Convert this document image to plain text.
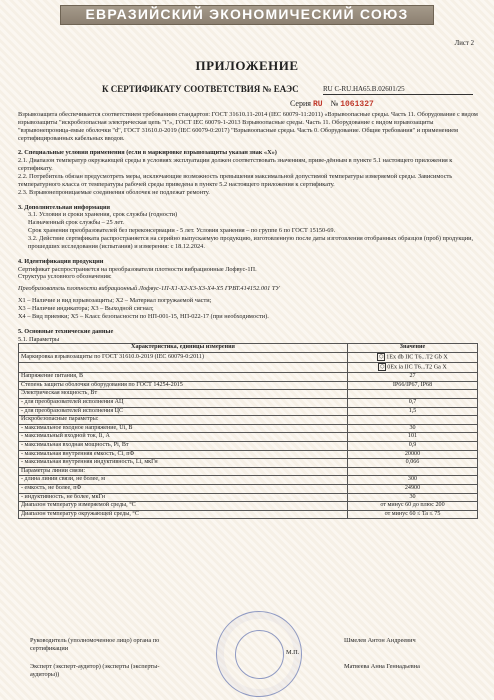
ЕВРАЗИЙСКИЙ ЭКОНОМИЧЕСКИЙ СОЮЗ
Лист 2
ПРИЛОЖЕНИЕ
К СЕРТИФИКАТУ СООТВЕТСТВИЯ № ЕАЭС	RU C-RU.HA65.B.02601/25
Серия RU № 1061327

Взрывозащита обеспечивается соответствием требованиям стандартов: ГОСТ 31610.11-2014 (IEC 60079-11:2011) «Взрывоопасные среды. Часть 11. Оборудование с видом взрывозащиты "искробезопасная электрическая цепь "i"», ГОСТ IEC 60079-1-2013 Взрывоопасные среды. Часть 11. Оборудование с видом взрывозащиты "взрывонепроница-емые оболочки "d", ГОСТ 31610.0-2019 (IEC 60079-0:2017) "Взрывоопасные среды. Часть 0. Оборудование. Общие требования" и применением сертифицированных кабельных вводов.

2. Специальные условия применения (если в маркировке взрывозащиты указан знак «Х»)

2.1. Диапазон температур окружающей среды в условиях эксплуатации должен соответствовать значениям, приве-дённым в пункте 5.1 настоящего приложения к сертификату.

2.2. Потребитель обязан предусмотреть меры, исключающие возможность превышения максимальной допустимой температуры измеряемой среды. Зависимость температурного класса от температуры рабочей среды приведена в пункте 5.2 настоящего приложения к сертификату.

2.3. Взрывонепроницаемые соединения оболочек не подлежат ремонту.

3. Дополнительная информация

3.1. Условия и сроки хранения, срок службы (годности)

Назначенный срок службы – 25 лет.

Срок хранения преобразователей без переконсервации - 5 лет. Условия хранения – по группе 6 по ГОСТ 15150-69.

3.2. Действие сертификата распространяется на серийно выпускаемую продукцию, изготовленную после даты изготовления отобранных образцов (проб) продукции, прошедших исследования (испытания) и измерения: с 18.12.2024.

4. Идентификация продукции

Сертификат распространяется на преобразователи плотности вибрационные Лофвус-1П.

Структура условного обозначения:

Преобразователь плотности вибрационный Лофвус-1П-Х1-Х2-Х3-Х3-Х4-Х5 ГРВТ.414152.001 ТУ

X1 – Наличие и вид взрывозащиты; X2 – Материал погружаемой части;

X3 – Наличие индикатора; X3 – Выходной сигнал;

X4 – Вид приемки; X5 – Класс безопасности по НП-001-15, НП-022-17 (при необходимости).

5. Основные технические данные

5.1. Параметры

Характеристика, единицы измерения	Значение
Маркировка взрывозащиты по ГОСТ 31610.0-2019 (IEC 60079-0:2011)	⬡ 1Ex db IIC T6...T2 Gb X
	⬡ 0Ex ia IIC T6...T2 Ga X
Напряжение питания, В	27
Степень защиты оболочки оборудования по ГОСТ 14254-2015	IP66/IP67, IP68
Электрическая мощность, Вт	
- для преобразователей исполнения АЦ	0,7
- для преобразователей исполнения ЦС	1,5
Искробезопасные параметры:	
- максимальное входное напряжение, Ui, В	30
- максимальный входной ток, Ii, А	101
- максимальная входная мощность, Pi, Вт	0,9
- максимальная внутренняя емкость, Ci, пФ	20000
- максимальная внутренняя индуктивность, Li, мкГн	0,066
Параметры линии связи:	
- длина линии связи, не более, м	300
- емкость, не более, пФ	24900
- индуктивность, не более, мкГн	30
Диапазон температур измеряемой среды, °С	от минус 60 до плюс 200
Диапазон температур окружающей среды, °С	от минус 60 ≤ Ta ≤ 75
Руководитель (уполномоченное лицо) органа по сертификации
М.П.
Шмелев Антон Андреевич
Эксперт (эксперт-аудитор) (эксперты (эксперты-аудиторы))
Матвеева Анна Геннадьевна
